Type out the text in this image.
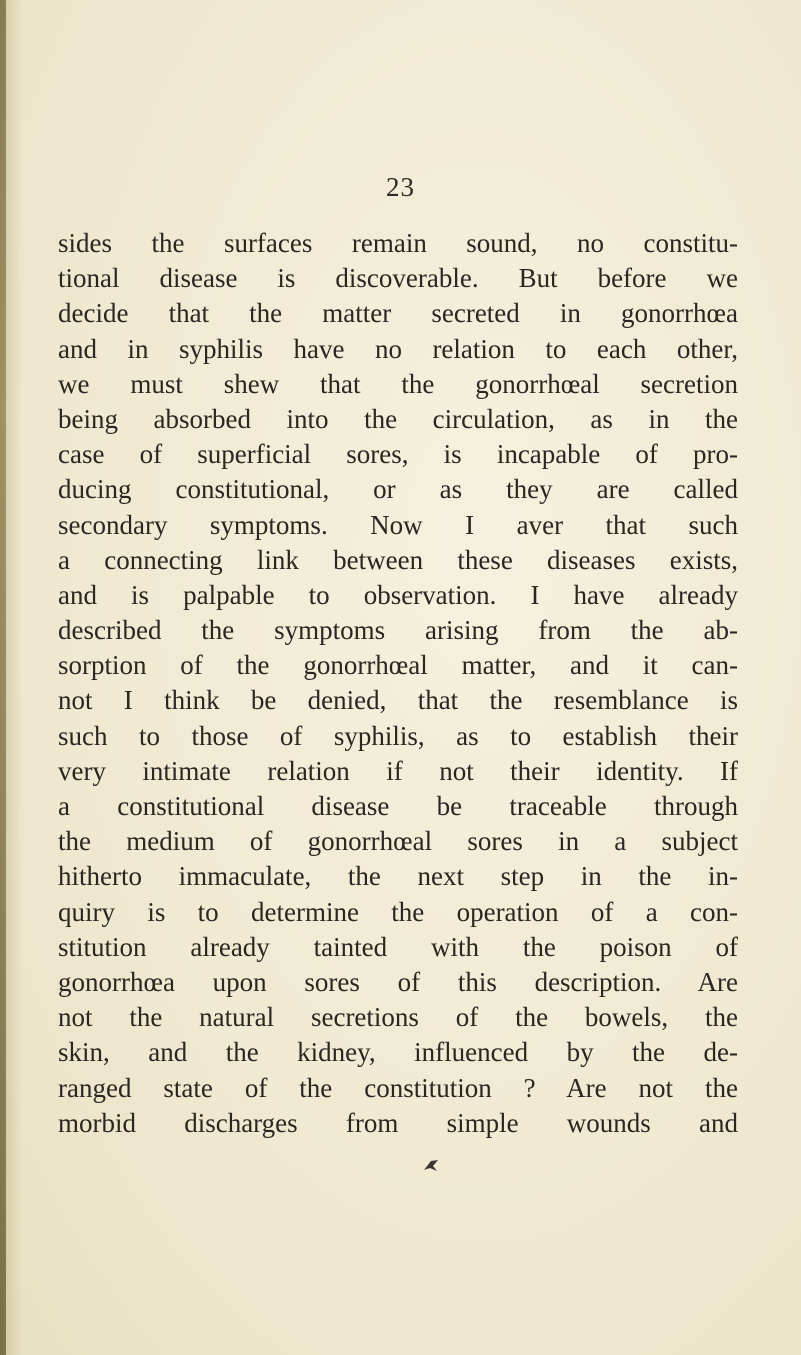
23
sides the surfaces remain sound, no constitu-
tional disease is discoverable. But before we
decide that the matter secreted in gonorrhœa
and in syphilis have no relation to each other,
we must shew that the gonorrhœal secretion
being absorbed into the circulation, as in the
case of superficial sores, is incapable of pro-
ducing constitutional, or as they are called
secondary symptoms. Now I aver that such
a connecting link between these diseases exists,
and is palpable to observation. I have already
described the symptoms arising from the ab-
sorption of the gonorrhœal matter, and it can-
not I think be denied, that the resemblance is
such to those of syphilis, as to establish their
very intimate relation if not their identity. If
a constitutional disease be traceable through
the medium of gonorrhœal sores in a subject
hitherto immaculate, the next step in the in-
quiry is to determine the operation of a con-
stitution already tainted with the poison of
gonorrhœa upon sores of this description. Are
not the natural secretions of the bowels, the
skin, and the kidney, influenced by the de-
ranged state of the constitution ? Are not the
morbid discharges from simple wounds and
